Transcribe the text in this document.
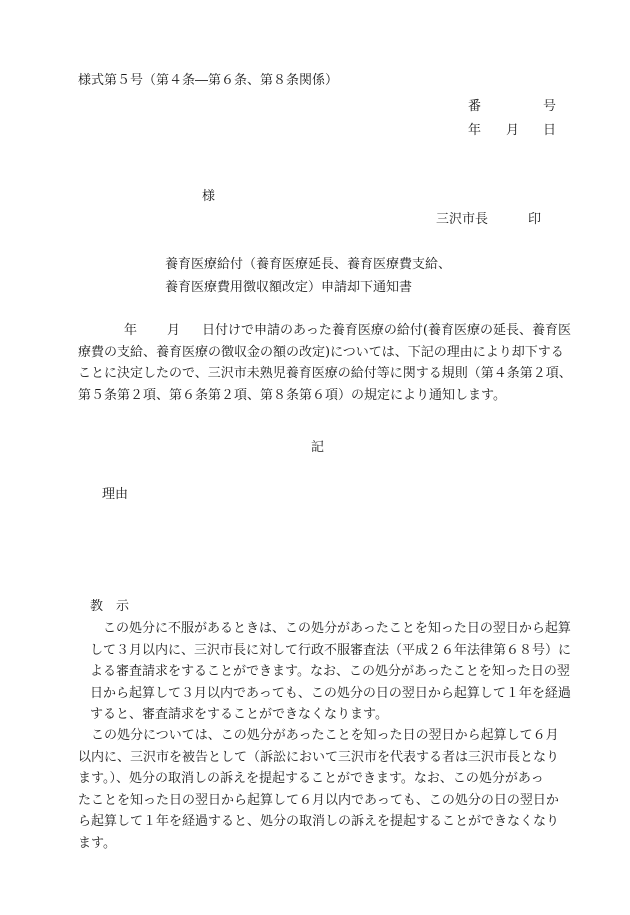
様式第５号（第４条―第６条、第８条関係）
番	号
年 月 日
様
三沢市長	印
養育医療給付（養育医療延長、養育医療費支給、
養育医療費用徴収額改定）申請却下通知書
年 月 日付けで申請のあった養育医療の給付(養育医療の延長、養育医
療費の支給、養育医療の徴収金の額の改定)については、下記の理由により却下する
ことに決定したので、三沢市未熟児養育医療の給付等に関する規則（第４条第２項、
第５条第２項、第６条第２項、第８条第６項）の規定により通知します。
記
理由
教　示
この処分に不服があるときは、この処分があったことを知った日の翌日から起算
して３月以内に、三沢市長に対して行政不服審査法（平成２６年法律第６８号）に
よる審査請求をすることができます。なお、この処分があったことを知った日の翌
日から起算して３月以内であっても、この処分の日の翌日から起算して１年を経過
すると、審査請求をすることができなくなります。
この処分については、この処分があったことを知った日の翌日から起算して６月
以内に、三沢市を被告として（訴訟において三沢市を代表する者は三沢市長となり
ます。）、処分の取消しの訴えを提起することができます。なお、この処分があっ
たことを知った日の翌日から起算して６月以内であっても、この処分の日の翌日か
ら起算して１年を経過すると、処分の取消しの訴えを提起することができなくなり
ます。
